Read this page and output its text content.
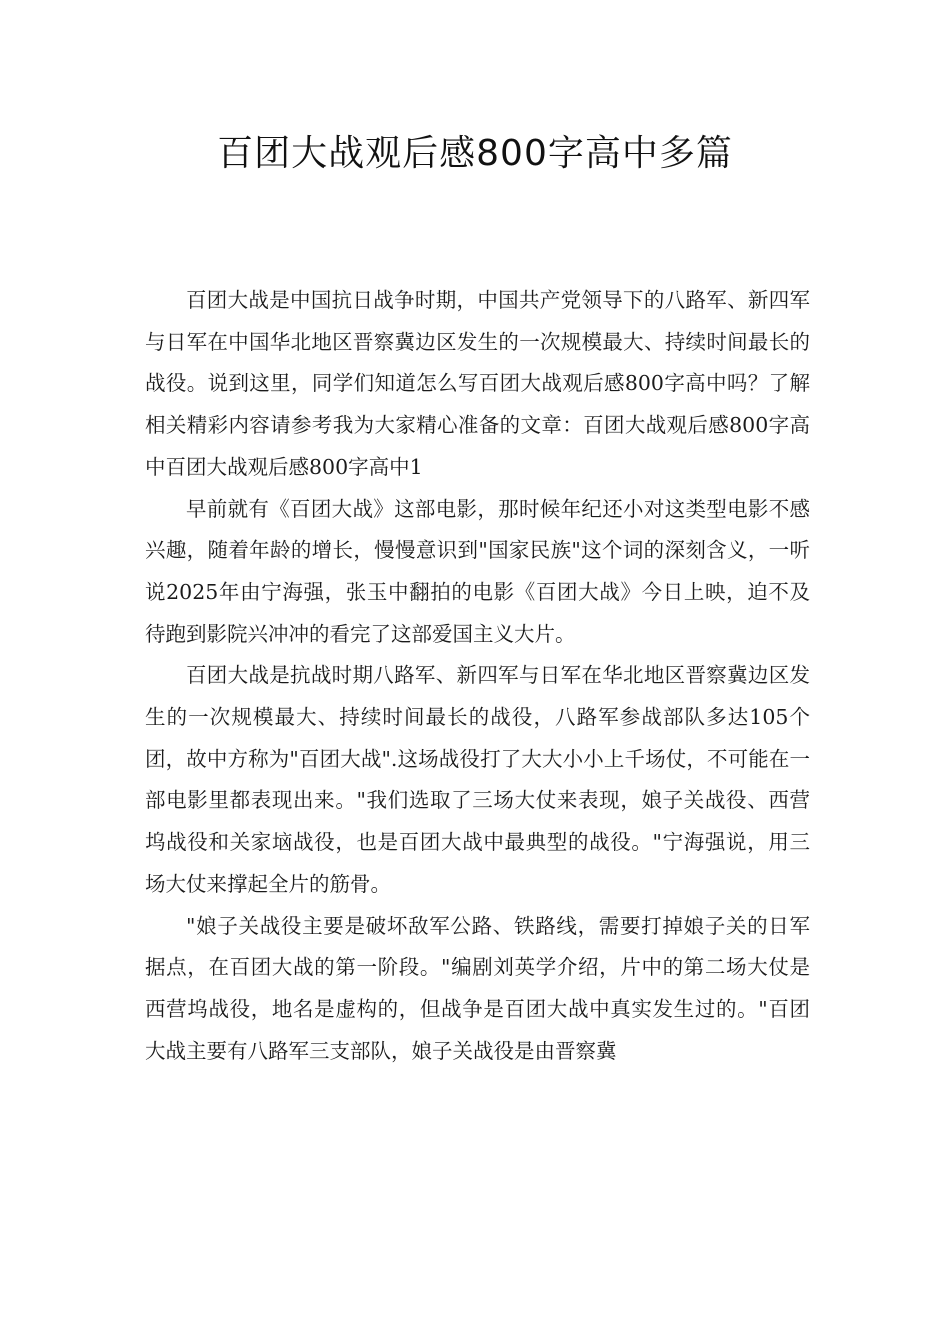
百团大战观后感800字高中多篇

百团大战是中国抗日战争时期，中国共产党领导下的八路军、新四军与日军在中国华北地区晋察冀边区发生的一次规模最大、持续时间最长的战役。说到这里，同学们知道怎么写百团大战观后感800字高中吗？了解相关精彩内容请参考我为大家精心准备的文章：百团大战观后感800字高中百团大战观后感800字高中1

早前就有《百团大战》这部电影，那时候年纪还小对这类型电影不感兴趣，随着年龄的增长，慢慢意识到"国家民族"这个词的深刻含义，一听说2025年由宁海强，张玉中翻拍的电影《百团大战》今日上映，迫不及待跑到影院兴冲冲的看完了这部爱国主义大片。

百团大战是抗战时期八路军、新四军与日军在华北地区晋察冀边区发生的一次规模最大、持续时间最长的战役，八路军参战部队多达105个团，故中方称为"百团大战".这场战役打了大大小小上千场仗，不可能在一部电影里都表现出来。"我们选取了三场大仗来表现，娘子关战役、西营坞战役和关家垴战役，也是百团大战中最典型的战役。"宁海强说，用三场大仗来撑起全片的筋骨。

"娘子关战役主要是破坏敌军公路、铁路线，需要打掉娘子关的日军据点，在百团大战的第一阶段。"编剧刘英学介绍，片中的第二场大仗是西营坞战役，地名是虚构的，但战争是百团大战中真实发生过的。"百团大战主要有八路军三支部队，娘子关战役是由晋察冀
